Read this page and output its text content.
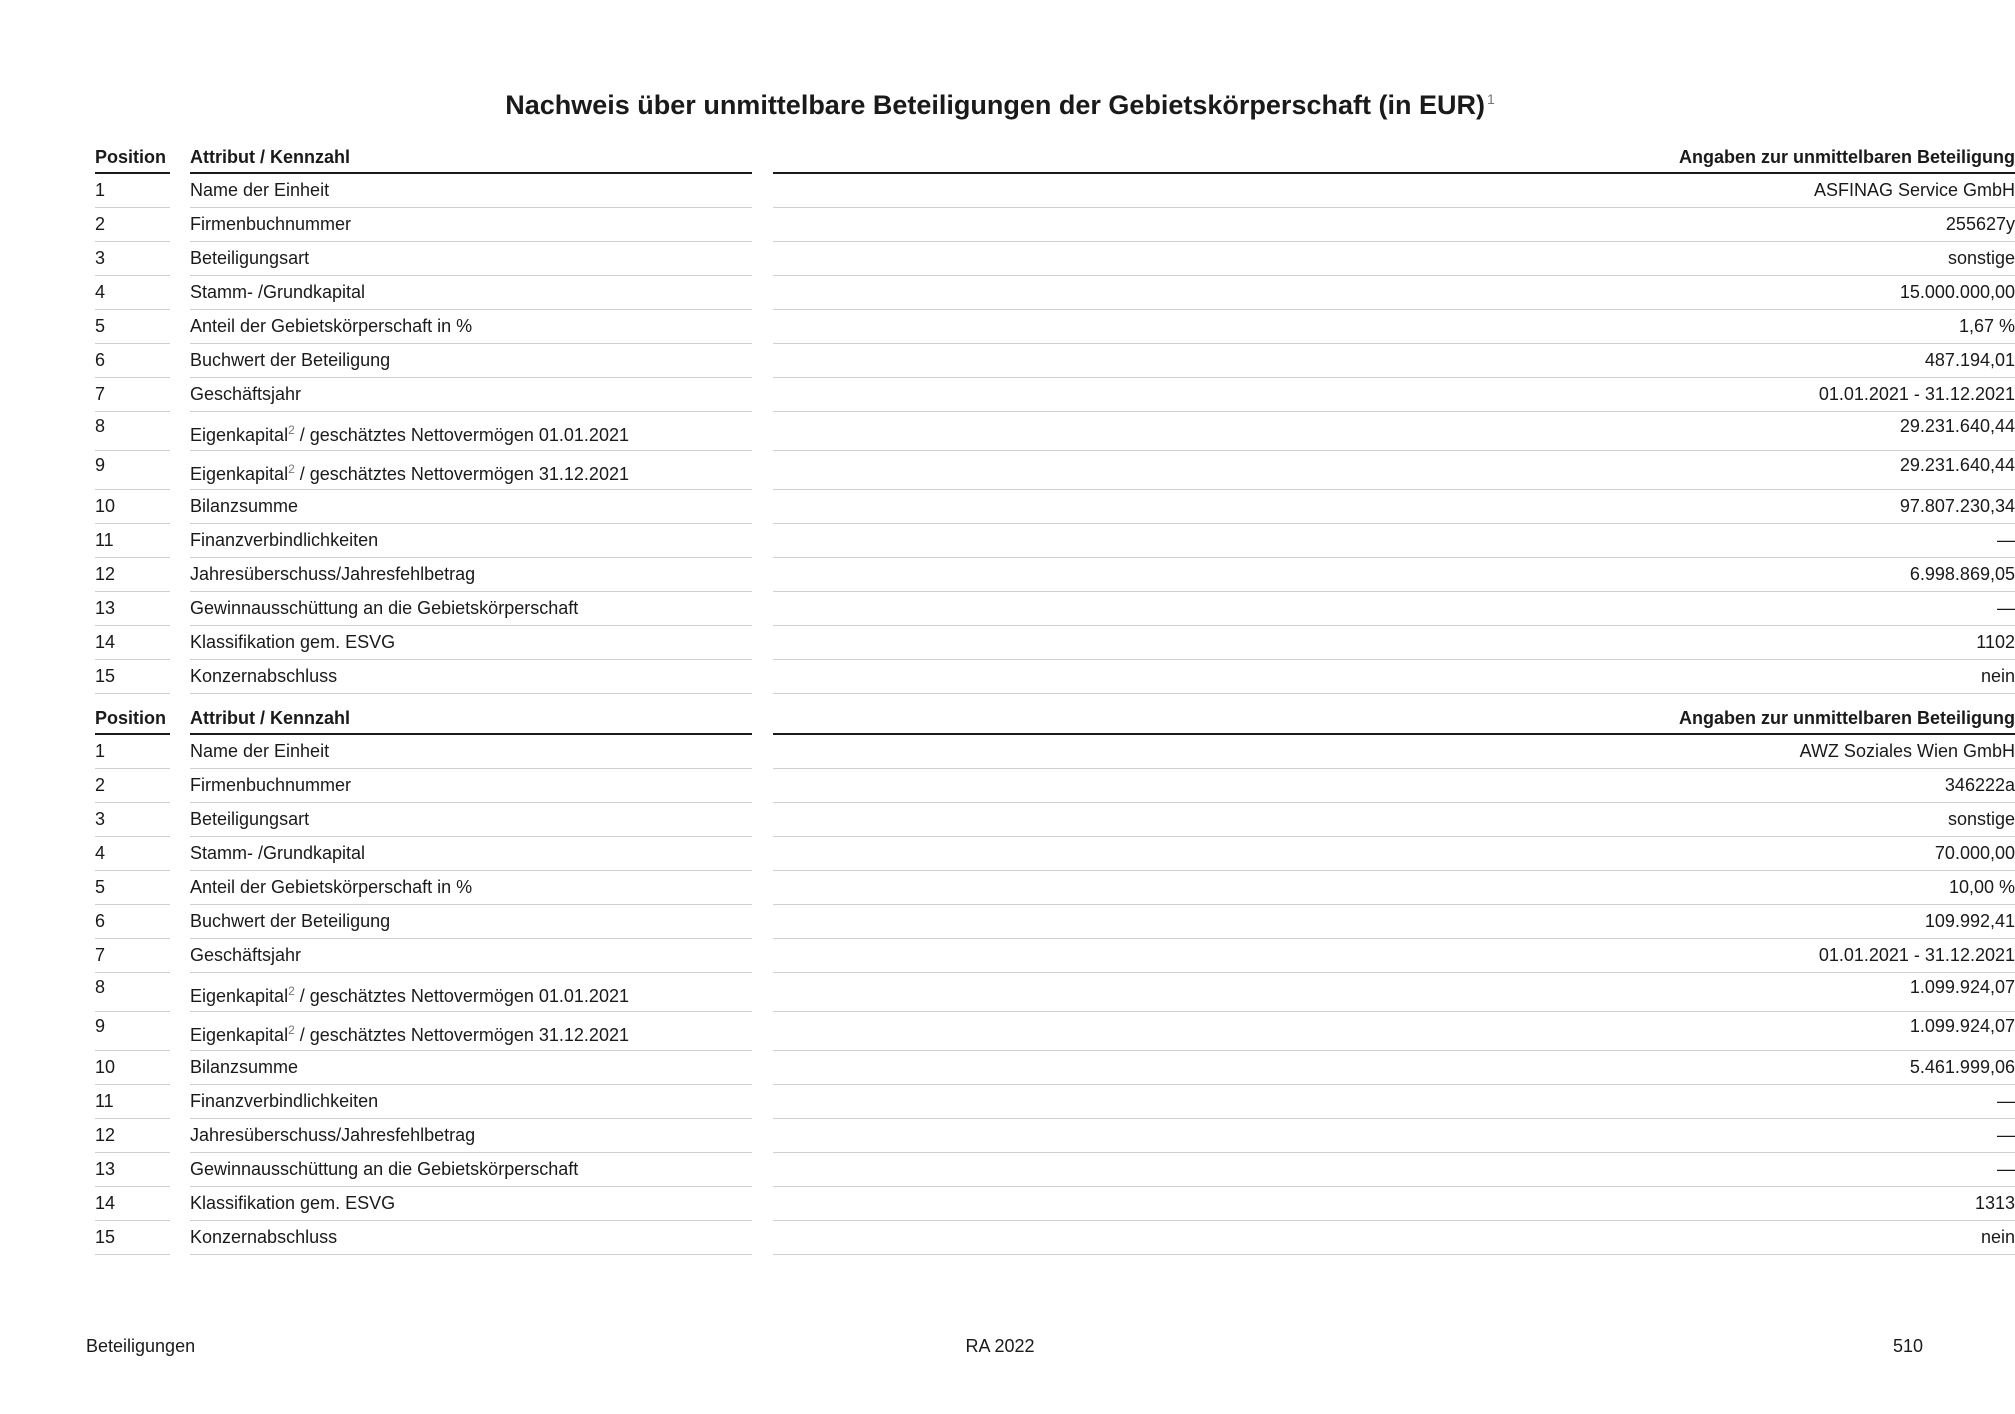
Nachweis über unmittelbare Beteiligungen der Gebietskörperschaft (in EUR) $^1$
Position Attribut / Kennzahl	Angaben zur unmittelbaren Beteiligung
1	Name der Einheit	ASFINAG Service GmbH
2	Firmenbuchnummer	255627y
3	Beteiligungsart	sonstige
4	Stamm- /Grundkapital	15.000.000,00
5	Anteil der Gebietskörperschaft in %	1,67 %
6	Buchwert der Beteiligung	487.194,01
7	Geschäftsjahr	01.01.2021 - 31.12.2021
8	Eigenkapital$^2$ / geschätztes Nettovermögen 01.01.2021	29.231.640,44
9	Eigenkapital$^2$ / geschätztes Nettovermögen 31.12.2021	29.231.640,44
10	Bilanzsumme	97.807.230,34
11	Finanzverbindlichkeiten	—
12	Jahresüberschuss/Jahresfehlbetrag	6.998.869,05
13	Gewinnausschüttung an die Gebietskörperschaft	—
14	Klassifikation gem. ESVG	1102
15	Konzernabschluss	nein
Position Attribut / Kennzahl	Angaben zur unmittelbaren Beteiligung
1	Name der Einheit	AWZ Soziales Wien GmbH
2	Firmenbuchnummer	346222a
3	Beteiligungsart	sonstige
4	Stamm- /Grundkapital	70.000,00
5	Anteil der Gebietskörperschaft in %	10,00 %
6	Buchwert der Beteiligung	109.992,41
7	Geschäftsjahr	01.01.2021 - 31.12.2021
8	Eigenkapital$^2$ / geschätztes Nettovermögen 01.01.2021	1.099.924,07
9	Eigenkapital$^2$ / geschätztes Nettovermögen 31.12.2021	1.099.924,07
10	Bilanzsumme	5.461.999,06
11	Finanzverbindlichkeiten	—
12	Jahresüberschuss/Jahresfehlbetrag	—
13	Gewinnausschüttung an die Gebietskörperschaft	—
14	Klassifikation gem. ESVG	1313
15	Konzernabschluss	nein
Beteiligungen	RA 2022	510
